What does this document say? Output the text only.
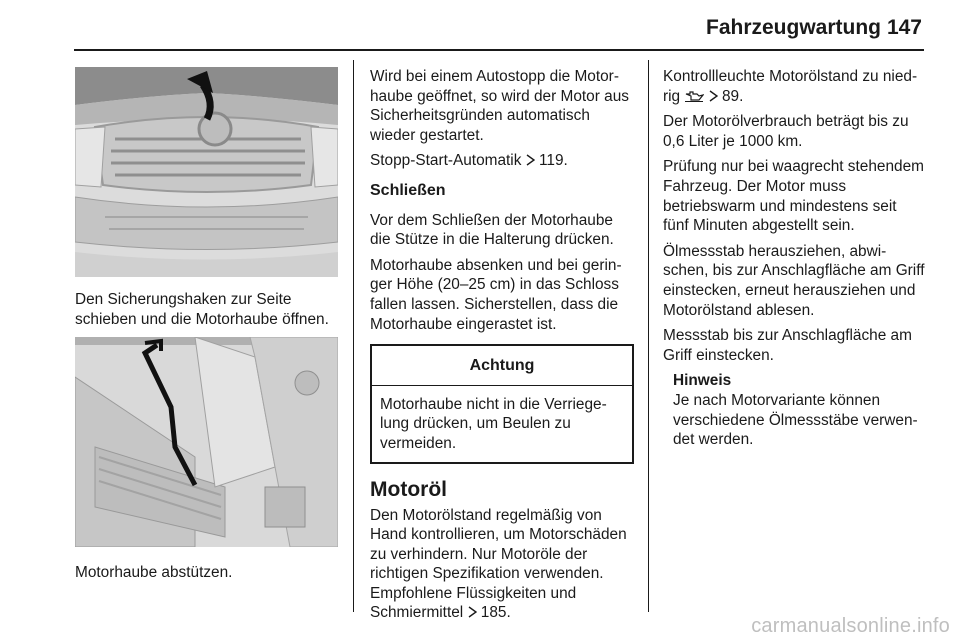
Fahrzeugwartung 147
Den Sicherungshaken zur Seite schieben und die Motorhaube öffnen.
Motorhaube abstützen.

Wird bei einem Autostopp die Motorhaube geöffnet, so wird der Motor aus Sicherheitsgründen automatisch wieder gestartet.

Stopp-Start-Automatik 119.

Schließen

Vor dem Schließen der Motorhaube die Stütze in die Halterung drücken.

Motorhaube absenken und bei geringer Höhe (20–25 cm) in das Schloss fallen lassen. Sicherstellen, dass die Motorhaube eingerastet ist.

Achtung
Motorhaube nicht in die Verriegelung drücken, um Beulen zu vermeiden.
Motoröl

Den Motorölstand regelmäßig von Hand kontrollieren, um Motorschäden zu verhindern. Nur Motoröle der richtigen Spezifikation verwenden. Empfohlene Flüssigkeiten und Schmiermittel 185.

Kontrollleuchte Motorölstand zu niedrig	89.

Der Motorölverbrauch beträgt bis zu 0,6 Liter je 1000 km.

Prüfung nur bei waagrecht stehendem Fahrzeug. Der Motor muss betriebswarm und mindestens seit fünf Minuten abgestellt sein.

Ölmessstab herausziehen, abwischen, bis zur Anschlagfläche am Griff einstecken, erneut herausziehen und Motorölstand ablesen.

Messstab bis zur Anschlagfläche am Griff einstecken.

Hinweis
Je nach Motorvariante können verschiedene Ölmessstäbe verwendet werden.
carmanualsonline.info
